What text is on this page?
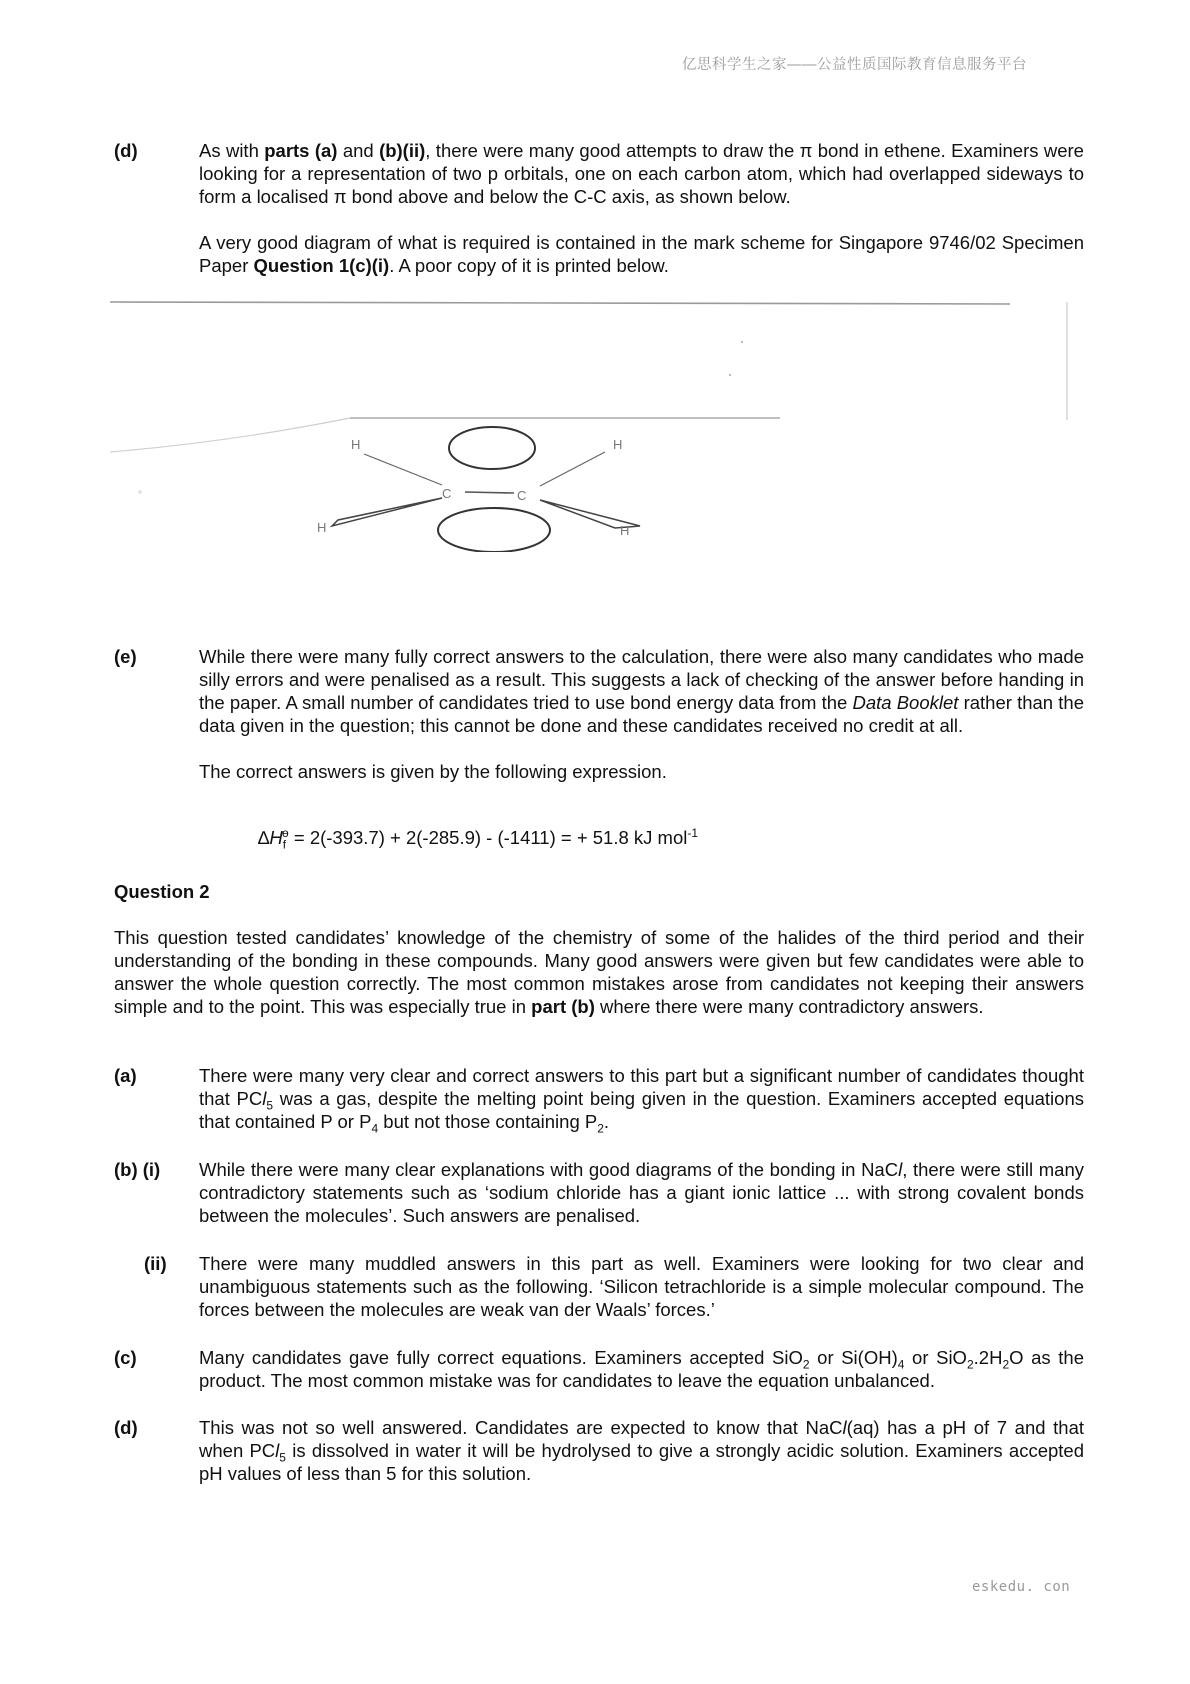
亿思科学生之家——公益性质国际教育信息服务平台
(d)	As with parts (a) and (b)(ii), there were many good attempts to draw the π bond in ethene. Examiners were looking for a representation of two p orbitals, one on each carbon atom, which had overlapped sideways to form a localised π bond above and below the C-C axis, as shown below.
A very good diagram of what is required is contained in the mark scheme for Singapore 9746/02 Specimen Paper Question 1(c)(i). A poor copy of it is printed below.
H	H
H	H
C	C
(e)	While there were many fully correct answers to the calculation, there were also many candidates who made silly errors and were penalised as a result. This suggests a lack of checking of the answer before handing in the paper. A small number of candidates tried to use bond energy data from the Data Booklet rather than the data given in the question; this cannot be done and these candidates received no credit at all.
The correct answers is given by the following expression.
$\Delta H_f^ө = 2(-393.7) + 2(-285.9) - (-1411)$ = + 51.8 kJ mol$^{-1}$
Question 2
This question tested candidates’ knowledge of the chemistry of some of the halides of the third period and their understanding of the bonding in these compounds. Many good answers were given but few candidates were able to answer the whole question correctly. The most common mistakes arose from candidates not keeping their answers simple and to the point. This was especially true in part (b) where there were many contradictory answers.
(a)	There were many very clear and correct answers to this part but a significant number of candidates thought that PCl$_5$ was a gas, despite the melting point being given in the question. Examiners accepted equations that contained P or $P_4$ but not those containing $P_2$.
(b) (i) While there were many clear explanations with good diagrams of the bonding in NaCl, there were still many contradictory statements such as ‘sodium chloride has a giant ionic lattice ... with strong covalent bonds between the molecules’. Such answers are penalised.
(ii) There were many muddled answers in this part as well. Examiners were looking for two clear and unambiguous statements such as the following. ‘Silicon tetrachloride is a simple molecular compound. The forces between the molecules are weak van der Waals’ forces.’
(c)	Many candidates gave fully correct equations. Examiners accepted SiO$_2$ or $Si(OH)_4$ or $SiO_2.2H_2O$ as the product. The most common mistake was for candidates to leave the equation unbalanced.
(d)	This was not so well answered. Candidates are expected to know that NaCl(aq) has a pH of 7 and that when PCl$_5$ is dissolved in water it will be hydrolysed to give a strongly acidic solution. Examiners accepted pH values of less than 5 for this solution.
eskedu. con
